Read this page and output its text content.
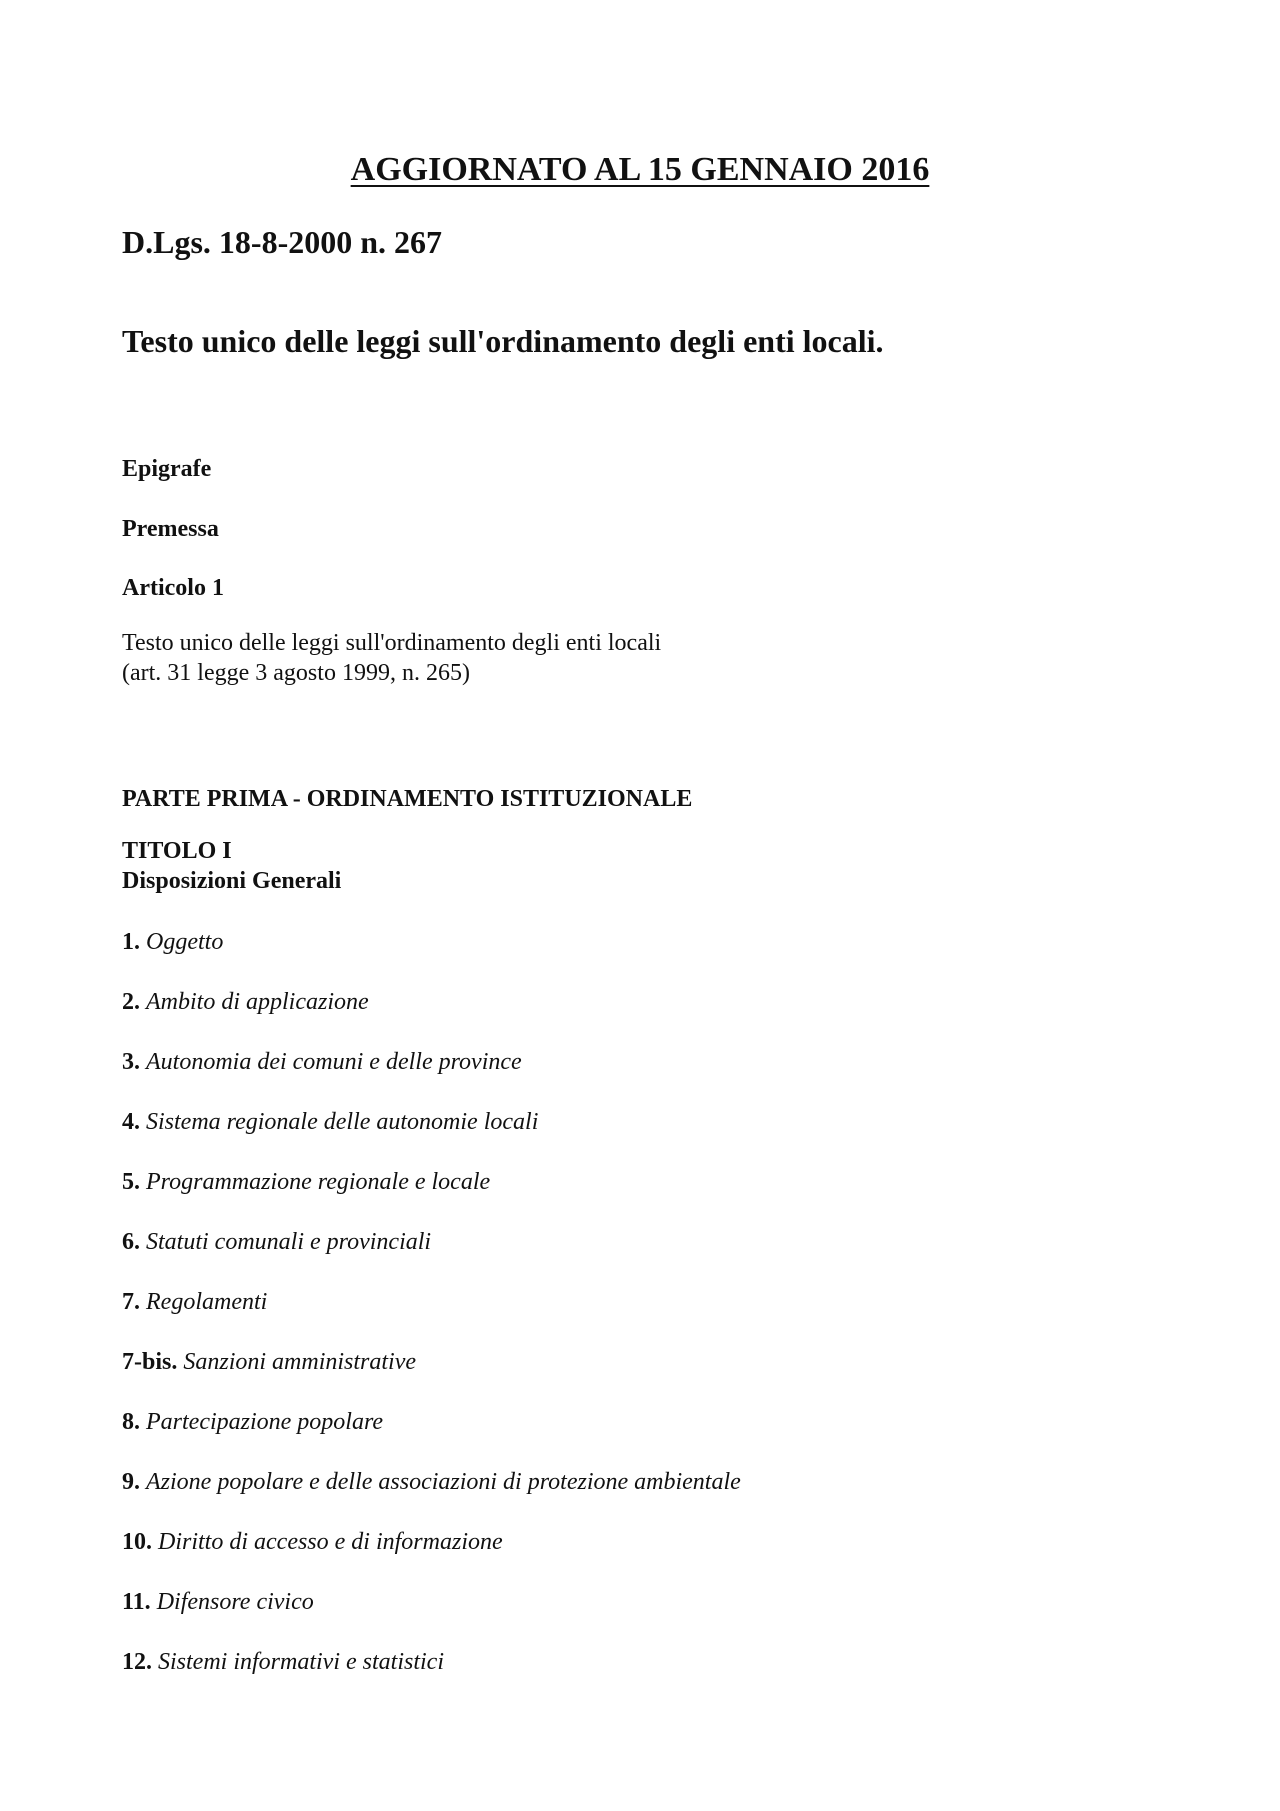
AGGIORNATO AL 15 GENNAIO 2016
D.Lgs. 18-8-2000 n. 267
Testo unico delle leggi sull'ordinamento degli enti locali.
Epigrafe
Premessa
Articolo 1
Testo unico delle leggi sull'ordinamento degli enti locali
(art. 31 legge 3 agosto 1999, n. 265)
PARTE PRIMA - ORDINAMENTO ISTITUZIONALE
TITOLO I
Disposizioni Generali
1. Oggetto
2. Ambito di applicazione
3. Autonomia dei comuni e delle province
4. Sistema regionale delle autonomie locali
5. Programmazione regionale e locale
6. Statuti comunali e provinciali
7. Regolamenti
7-bis. Sanzioni amministrative
8. Partecipazione popolare
9. Azione popolare e delle associazioni di protezione ambientale
10. Diritto di accesso e di informazione
11. Difensore civico
12. Sistemi informativi e statistici
